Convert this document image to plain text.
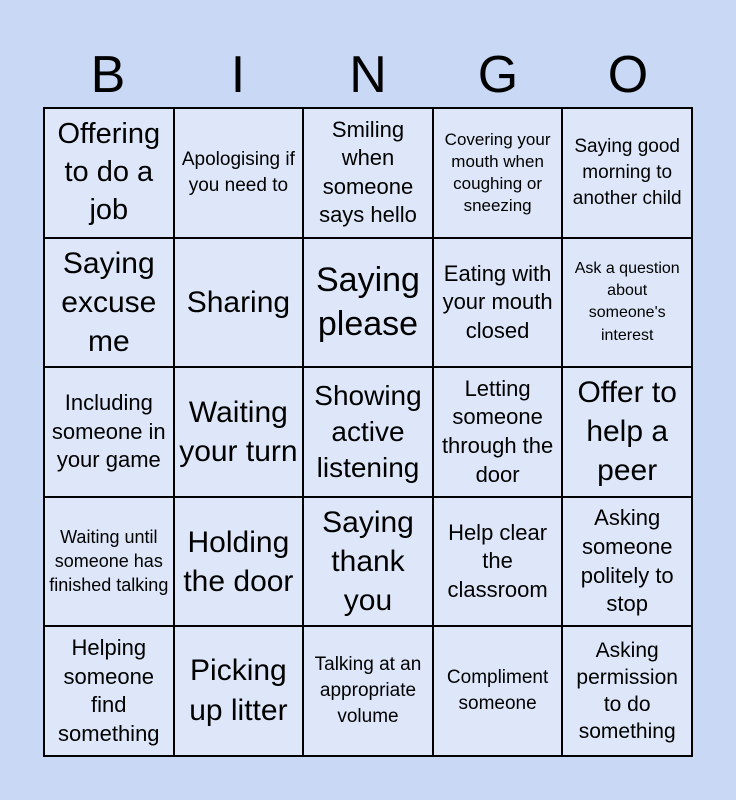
B	I	N	G	O
Offering to do a job
Apologising if you need to
Smiling when someone says hello
Covering your mouth when coughing or sneezing
Saying good morning to another child
Saying excuse me
Sharing
Saying please
Eating with your mouth closed
Ask a question about someone's interest
Including someone in your game
Waiting your turn
Showing active listening
Letting someone through the door
Offer to help a peer
Waiting until someone has finished talking
Holding the door
Saying thank you
Help clear the classroom
Asking someone politely to stop
Helping someone find something
Picking up litter
Talking at an appropriate volume
Compliment someone
Asking permission to do something
